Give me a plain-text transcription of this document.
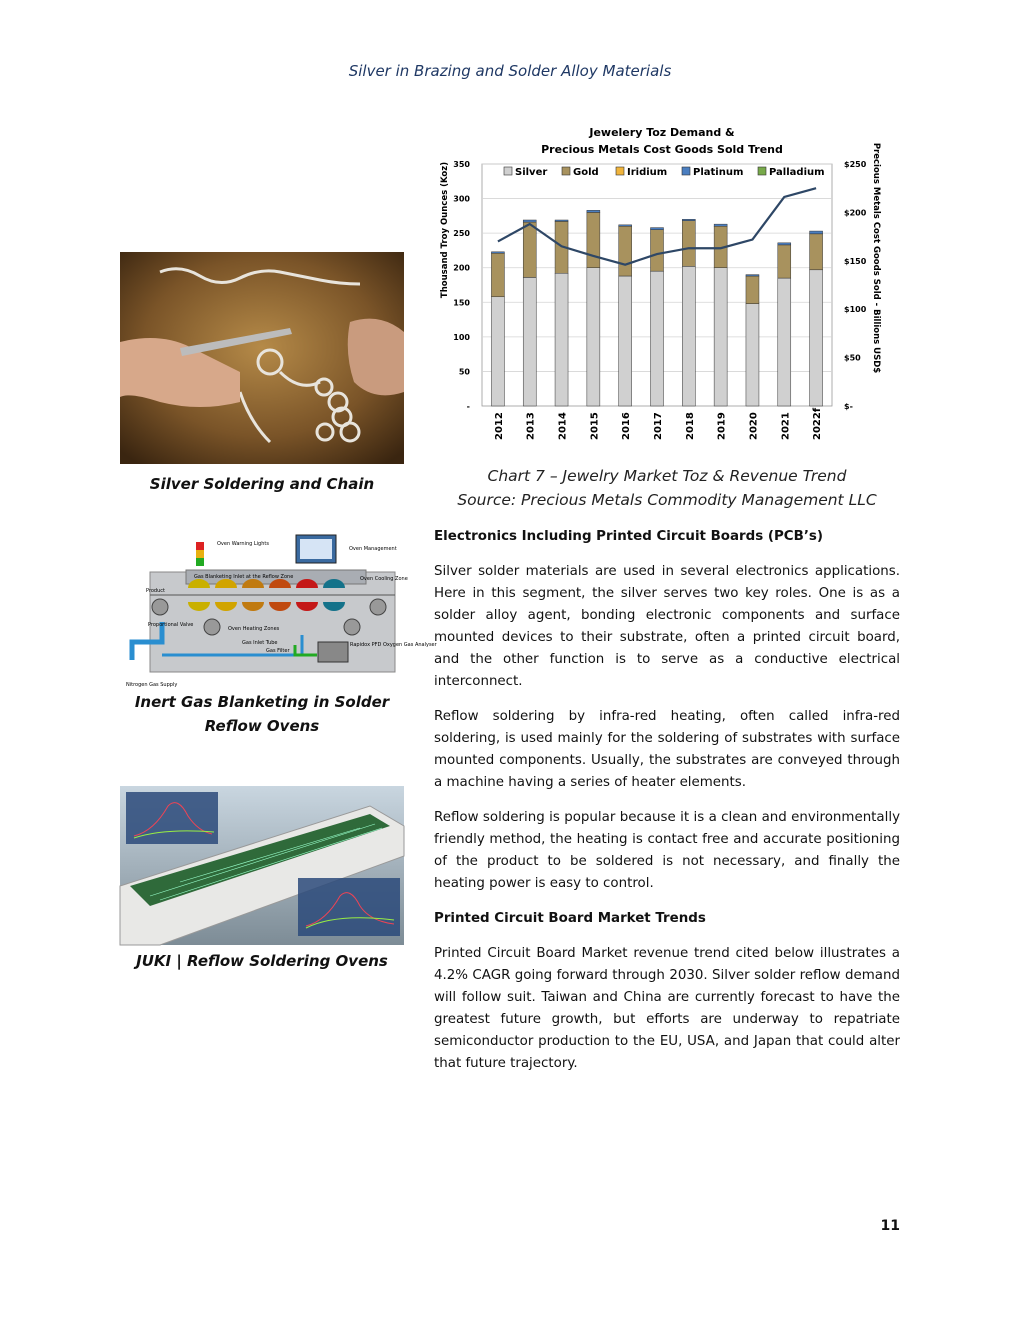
Silver in Brazing and Solder Alloy Materials
Silver Soldering and Chain
Oven Warning Lights
Oven Management
Gas Blanketing Inlet at the Reflow Zone
Product
Oven Cooling Zone
Proportional Valve
Oven Heating Zones
Gas Inlet Tube
Gas Filter
Rapidox PFD Oxygen Gas Analyser
Nitrogen Gas Supply
Inert Gas Blanketing in Solder
Reflow Ovens
JUKI | Reflow Soldering Ovens
Jewelery Toz Demand &
Precious Metals Cost Goods Sold Trend
Thousand Troy Ounces (Koz)	Precious Metals Cost Goods Sold - Billions USD$
-
50
100
150
200
250
300
350
$-
$50
$100
$150
$200
$250
2012 2013 2014 2015 2016 2017 2018 2019 2020 2021 2022f
Silver	Gold	Iridium	Platinum	Palladium
Chart 7 – Jewelry Market Toz & Revenue Trend
Source: Precious Metals Commodity Management LLC
Electronics Including Printed Circuit Boards (PCB’s)

Silver solder materials are used in several electronics applications. Here in this segment, the silver serves two key roles. One is as a solder alloy agent, bonding electronic components and surface mounted devices to their substrate, often a printed circuit board, and the other function is to serve as a conductive electrical interconnect.

Reflow soldering by infra-red heating, often called infra-red soldering, is used mainly for the soldering of substrates with surface mounted components. Usually, the substrates are conveyed through a machine having a series of heater elements.

Reflow soldering is popular because it is a clean and environmentally friendly method, the heating is contact free and accurate positioning of the product to be soldered is not necessary, and finally the heating power is easy to control.

Printed Circuit Board Market Trends

Printed Circuit Board Market revenue trend cited below illustrates a 4.2% CAGR going forward through 2030. Silver solder reflow demand will follow suit. Taiwan and China are currently forecast to have the greatest future growth, but efforts are underway to repatriate semiconductor production to the EU, USA, and Japan that could alter that future trajectory.

11
